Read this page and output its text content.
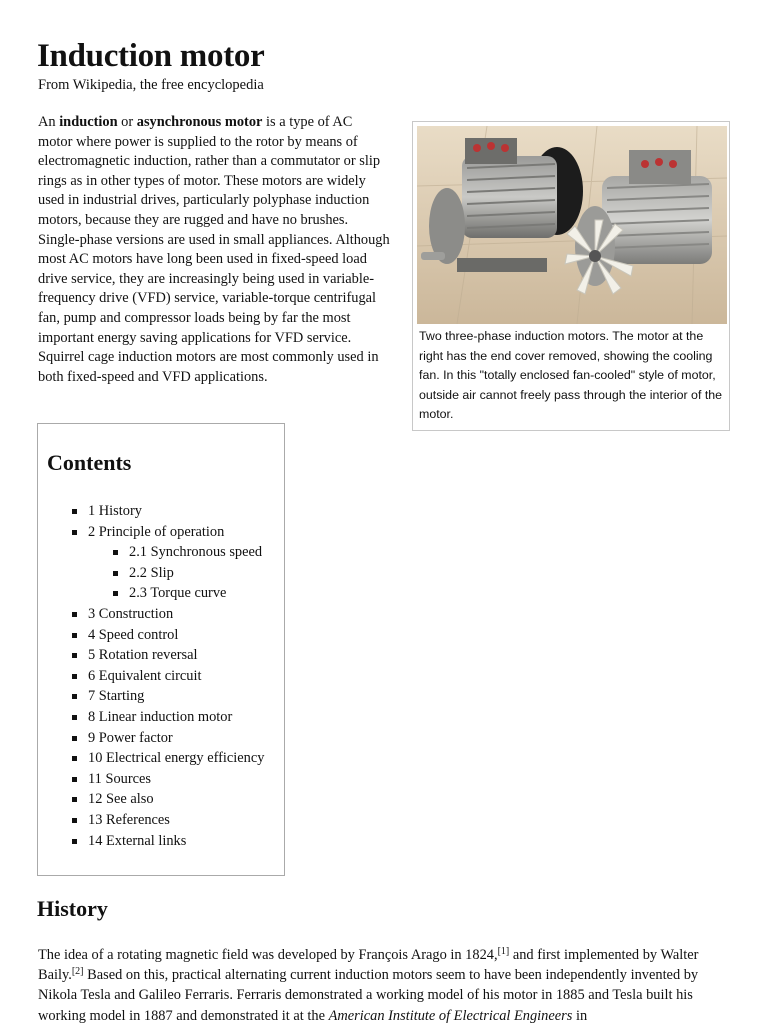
Induction motor
From Wikipedia, the free encyclopedia

An induction or asynchronous motor is a type of AC motor where power is supplied to the rotor by means of electromagnetic induction, rather than a commutator or slip rings as in other types of motor. These motors are widely used in industrial drives, particularly polyphase induction motors, because they are rugged and have no brushes. Single-phase versions are used in small appliances. Although most AC motors have long been used in fixed-speed load drive service, they are increasingly being used in variable-frequency drive (VFD) service, variable-torque centrifugal fan, pump and compressor loads being by far the most important energy saving applications for VFD service. Squirrel cage induction motors are most commonly used in both fixed-speed and VFD applications.

Two three-phase induction motors. The motor at the right has the end cover removed, showing the cooling fan. In this "totally enclosed fan-cooled" style of motor, outside air cannot freely pass through the interior of the motor.
Contents
1 History
2 Principle of operation
2.1 Synchronous speed
2.2 Slip
2.3 Torque curve
3 Construction
4 Speed control
5 Rotation reversal
6 Equivalent circuit
7 Starting
8 Linear induction motor
9 Power factor
10 Electrical energy efficiency
11 Sources
12 See also
13 References
14 External links
History

The idea of a rotating magnetic field was developed by François Arago in 1824,[1] and first implemented by Walter Baily.[2] Based on this, practical alternating current induction motors seem to have been independently invented by Nikola Tesla and Galileo Ferraris. Ferraris demonstrated a working model of his motor in 1885 and Tesla built his working model in 1887 and demonstrated it at the American Institute of Electrical Engineers in
